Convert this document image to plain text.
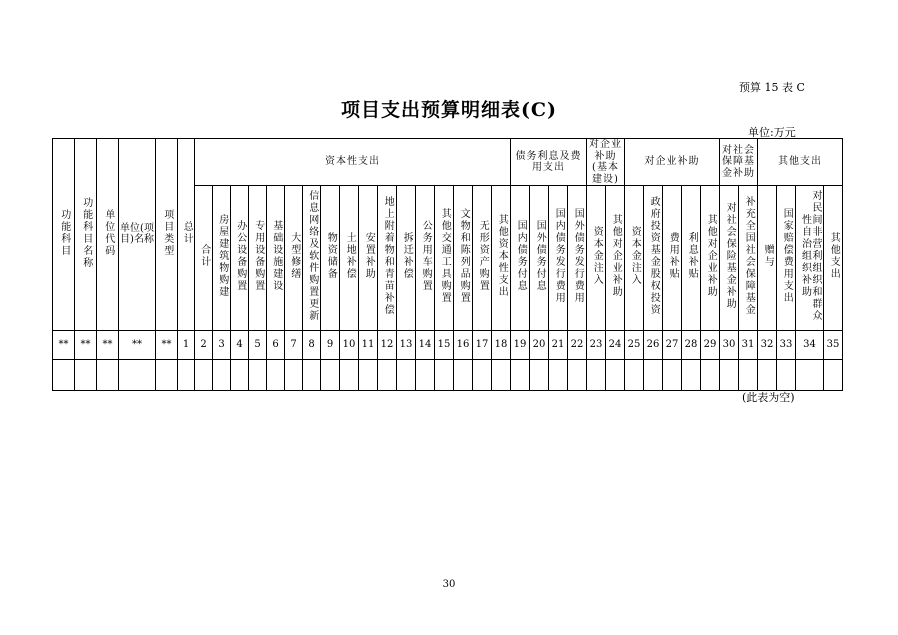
预算 15 表 C
项目支出预算明细表(C)
单位:万元
功能科目	功能科目名称	单位代码	单位(项目)名称	项目类型	总计	资本性支出																	债务利息及费用支出				对企业补助(基本建设)		对企业补助					对社会保障基金补助		其他支出			
						合计	房屋建筑物购建	办公设备购置	专用设备购置	基础设施建设	大型修缮	信息网络及软件购置更新	物资储备	土地补偿	安置补助	地上附着物和青苗补偿	拆迁补偿	公务用车购置	其他交通工具购置	文物和陈列品购置	无形资产购置	其他资本性支出	国内债务付息	国外债务付息	国内债务发行费用	国外债务发行费用	资本金注入	其他对企业补助	资本金注入	政府投资基金股权投资	费用补贴	利息补贴	其他对企业补助	对社会保险基金补助	补充全国社会保障基金	赠与	国家赔偿费用支出	对民间非营利组织和群众性自治组织补助	其他支出
**	**	**	**	**	1	2	3	4	5	6	7	8	9	10	11	12	13	14	15	16	17	18	19	20	21	22	23	24	25	26	27	28	29	30	31	32	33	34	35

(此表为空)
30
